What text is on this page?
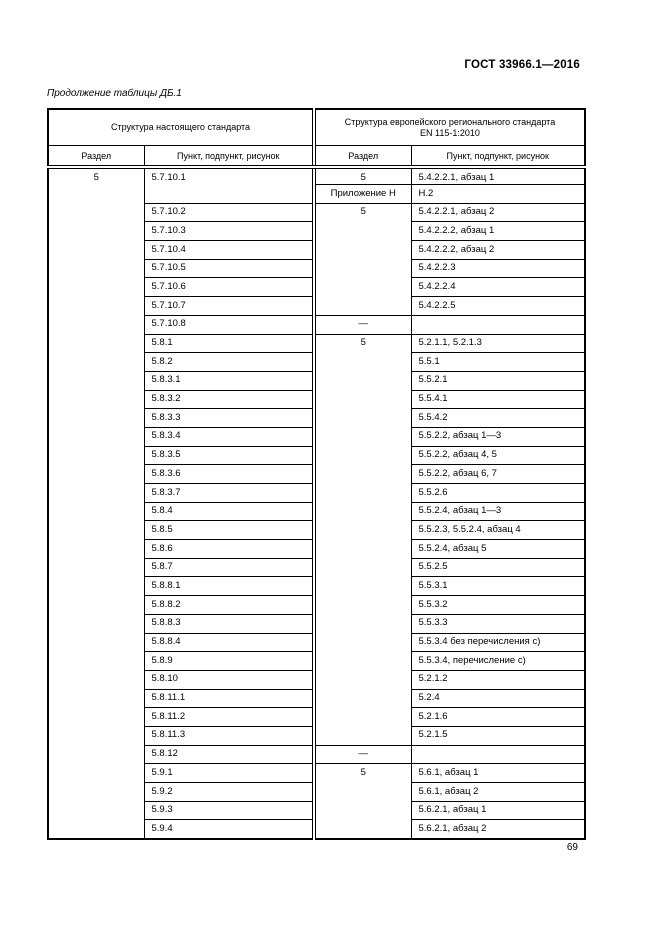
ГОСТ 33966.1—2016
Продолжение таблицы ДБ.1
Структура настоящего стандарта		Структура европейского регионального стандарта
EN 115-1:2010	

Раздел	Пункт, подпункт, рисунок	Раздел	Пункт, подпункт, рисунок
5	5.7.10.1	5	5.4.2.2.1, абзац 1
		Приложение Н	Н.2
	5.7.10.2	5	5.4.2.2.1, абзац 2
	5.7.10.3		5.4.2.2.2, абзац 1
	5.7.10.4		5.4.2.2.2, абзац 2
	5.7.10.5		5.4.2.2.3
	5.7.10.6		5.4.2.2.4
	5.7.10.7		5.4.2.2.5
	5.7.10.8	—	
	5.8.1	5	5.2.1.1, 5.2.1.3
	5.8.2		5.5.1
	5.8.3.1		5.5.2.1
	5.8.3.2		5.5.4.1
	5.8.3.3		5.5.4.2
	5.8.3.4		5.5.2.2, абзац 1—3
	5.8.3.5		5.5.2.2, абзац 4, 5
	5.8.3.6		5.5.2.2, абзац 6, 7
	5.8.3.7		5.5.2.6
	5.8.4		5.5.2.4, абзац 1—3
	5.8.5		5.5.2.3, 5.5.2.4, абзац 4
	5.8.6		5.5.2.4, абзац 5
	5.8.7		5.5.2.5
	5.8.8.1		5.5.3.1
	5.8.8.2		5.5.3.2
	5.8.8.3		5.5.3.3
	5.8.8.4		5.5.3.4 без перечисления с)
	5.8.9		5.5.3.4, перечисление с)
	5.8.10		5.2.1.2
	5.8.11.1		5.2.4
	5.8.11.2		5.2.1.6
	5.8.11.3		5.2.1.5
	5.8.12	—	
	5.9.1	5	5.6.1, абзац 1
	5.9.2		5.6.1, абзац 2
	5.9.3		5.6.2.1, абзац 1
	5.9.4		5.6.2.1, абзац 2
69
